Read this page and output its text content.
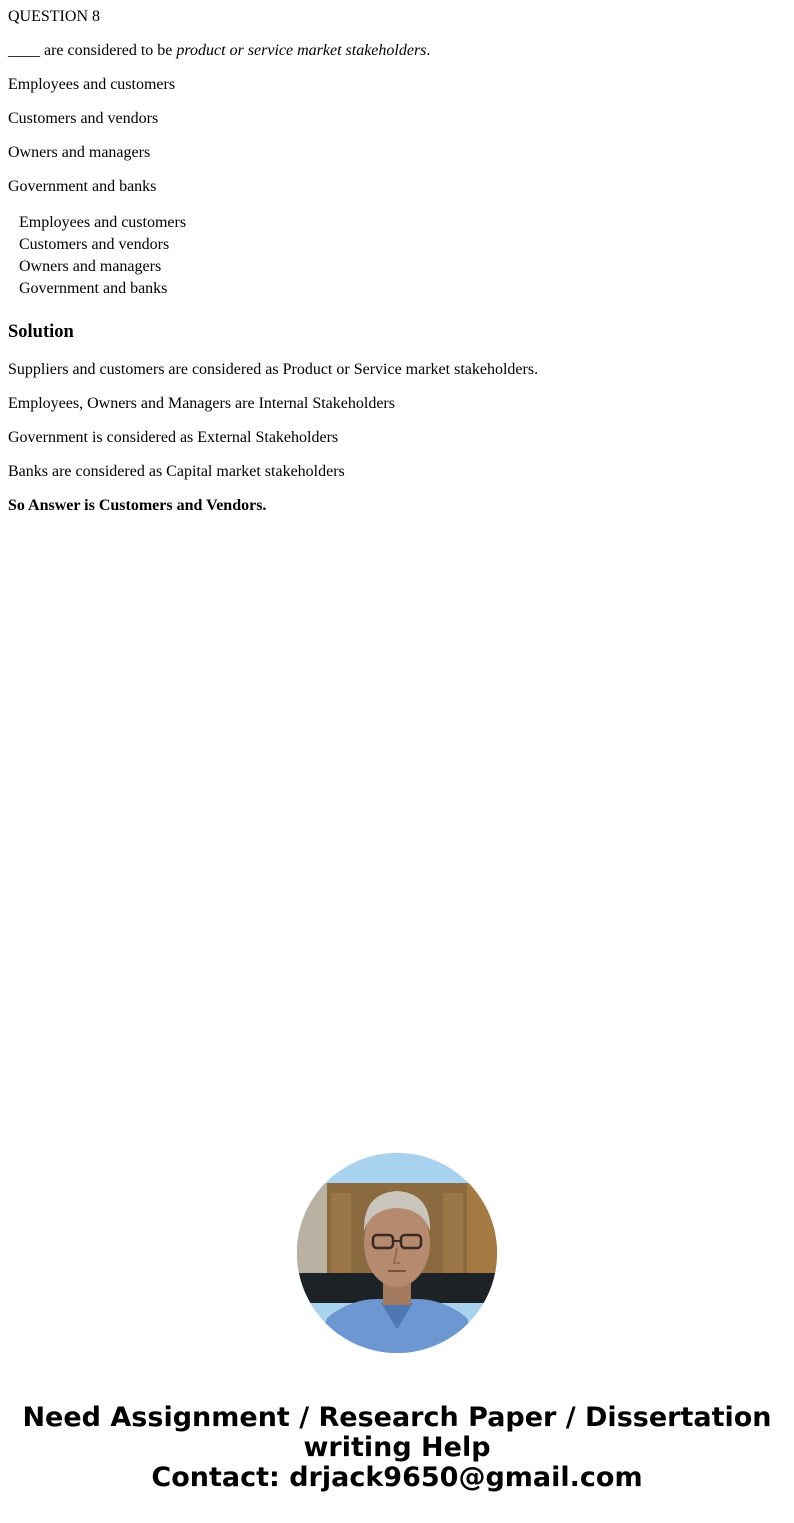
QUESTION 8
____ are considered to be product or service market stakeholders.
Employees and customers
Customers and vendors
Owners and managers
Government and banks
Employees and customers
Customers and vendors
Owners and managers
Government and banks
Solution
Suppliers and customers are considered as Product or Service market stakeholders.
Employees, Owners and Managers are Internal Stakeholders
Government is considered as External Stakeholders
Banks are considered as Capital market stakeholders
So Answer is Customers and Vendors.
Need Assignment / Research Paper / Dissertation
writing Help
Contact: drjack9650@gmail.com
